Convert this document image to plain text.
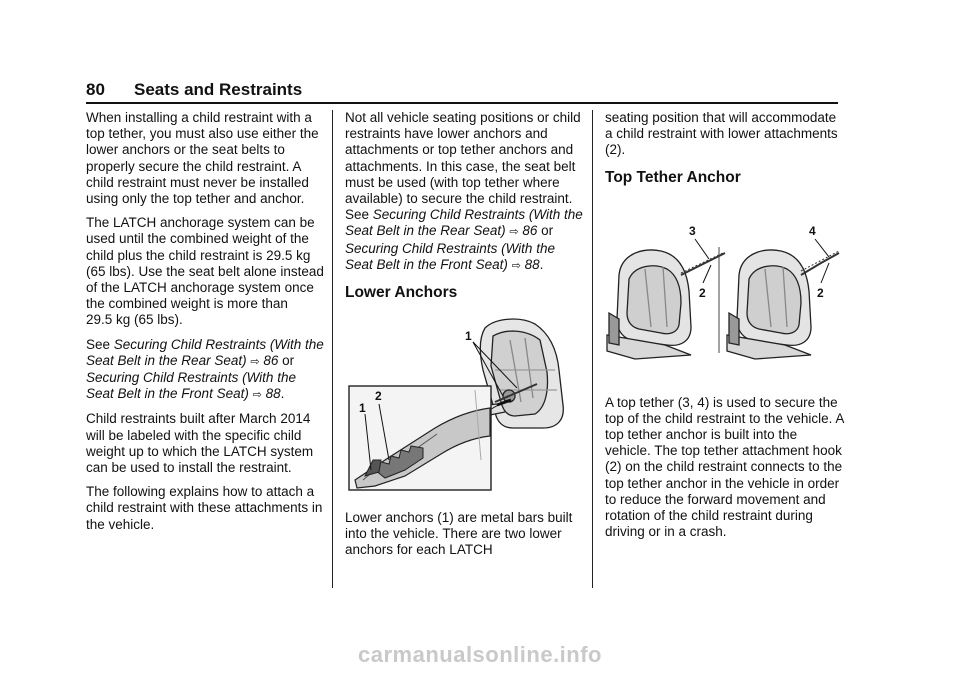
80 Seats and Restraints

When installing a child restraint with a top tether, you must also use either the lower anchors or the seat belts to properly secure the child restraint. A child restraint must never be installed using only the top tether and anchor.

The LATCH anchorage system can be used until the combined weight of the child plus the child restraint is 29.5 kg (65 lbs). Use the seat belt alone instead of the LATCH anchorage system once the combined weight is more than 29.5 kg (65 lbs).

See Securing Child Restraints (With the Seat Belt in the Rear Seat) ⇨ 86 or Securing Child Restraints (With the Seat Belt in the Front Seat) ⇨ 88.

Child restraints built after March 2014 will be labeled with the specific child weight up to which the LATCH system can be used to install the restraint.

The following explains how to attach a child restraint with these attachments in the vehicle.

Not all vehicle seating positions or child restraints have lower anchors and attachments or top tether anchors and attachments. In this case, the seat belt must be used (with top tether where available) to secure the child restraint. See Securing Child Restraints (With the Seat Belt in the Rear Seat) ⇨ 86 or Securing Child Restraints (With the Seat Belt in the Front Seat) ⇨ 88.

Lower Anchors
1
1
2

Lower anchors (1) are metal bars built into the vehicle. There are two lower anchors for each LATCH

seating position that will accommodate a child restraint with lower attachments (2).

Top Tether Anchor
3	4
2	2

A top tether (3, 4) is used to secure the top of the child restraint to the vehicle. A top tether anchor is built into the vehicle. The top tether attachment hook (2) on the child restraint connects to the top tether anchor in the vehicle in order to reduce the forward movement and rotation of the child restraint during driving or in a crash.

carmanualsonline.info
